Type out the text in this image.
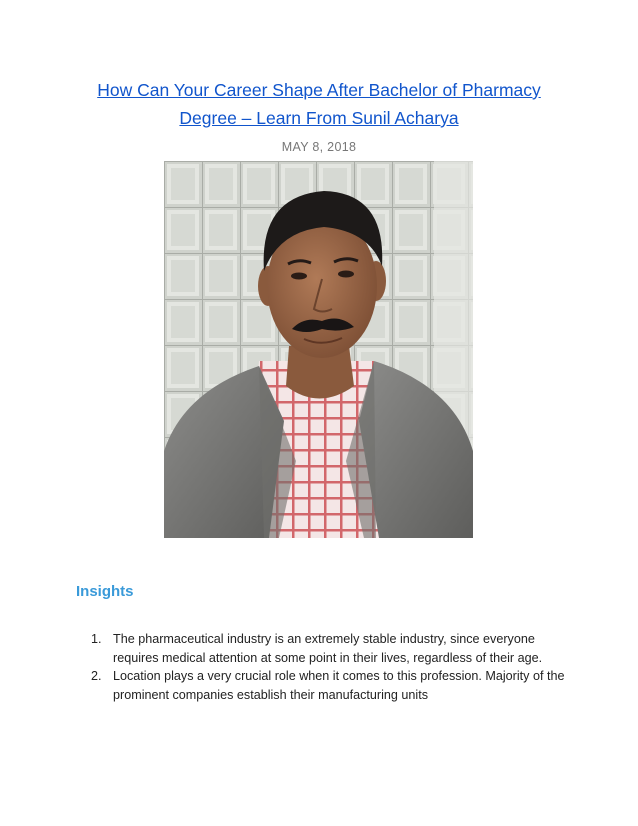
How Can Your Career Shape After Bachelor of Pharmacy
Degree – Learn From Sunil Acharya
MAY 8, 2018
Insights
1. The pharmaceutical industry is an extremely stable industry, since everyone requires medical attention at some point in their lives, regardless of their age.
2. Location plays a very crucial role when it comes to this profession. Majority of the prominent companies establish their manufacturing units
